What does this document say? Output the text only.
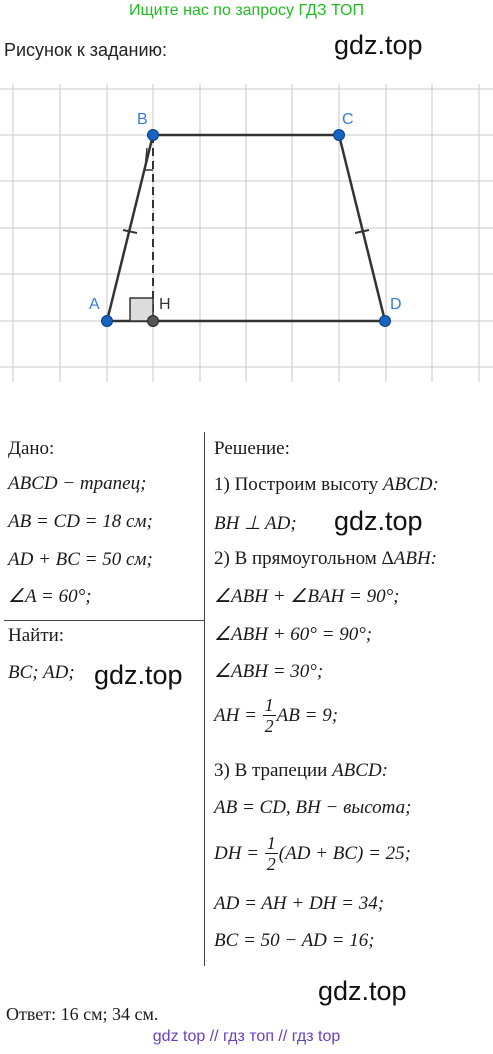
Ищите нас по запросу ГДЗ ТОП
Рисунок к заданию:	gdz.top
A
B	C
D
H
Дано:
ABCD − трапец;
AB = CD = 18 см;
AD + BC = 50 см;
∠A = 60°;
Найти:
BC; AD; gdz.top
Решение:
1) Построим высоту ABCD:
BH ⊥ AD; gdz.top
2) В прямоугольном ΔABH:
∠ABH + ∠BAH = 90°;
∠ABH + 60° = 90°;
∠ABH = 30°;
AH =
$\frac{1}{2}$ AB = 9;
3) В трапеции ABCD:
AB = CD, BH − высота;
DH =
$\frac{1}{2} (AD + BC) = 25$;
AD = AH + DH = 34;
BC = 50 − AD = 16;
gdz.top
Ответ: 16 см; 34 см.
gdz top // гдз топ // гдз top
